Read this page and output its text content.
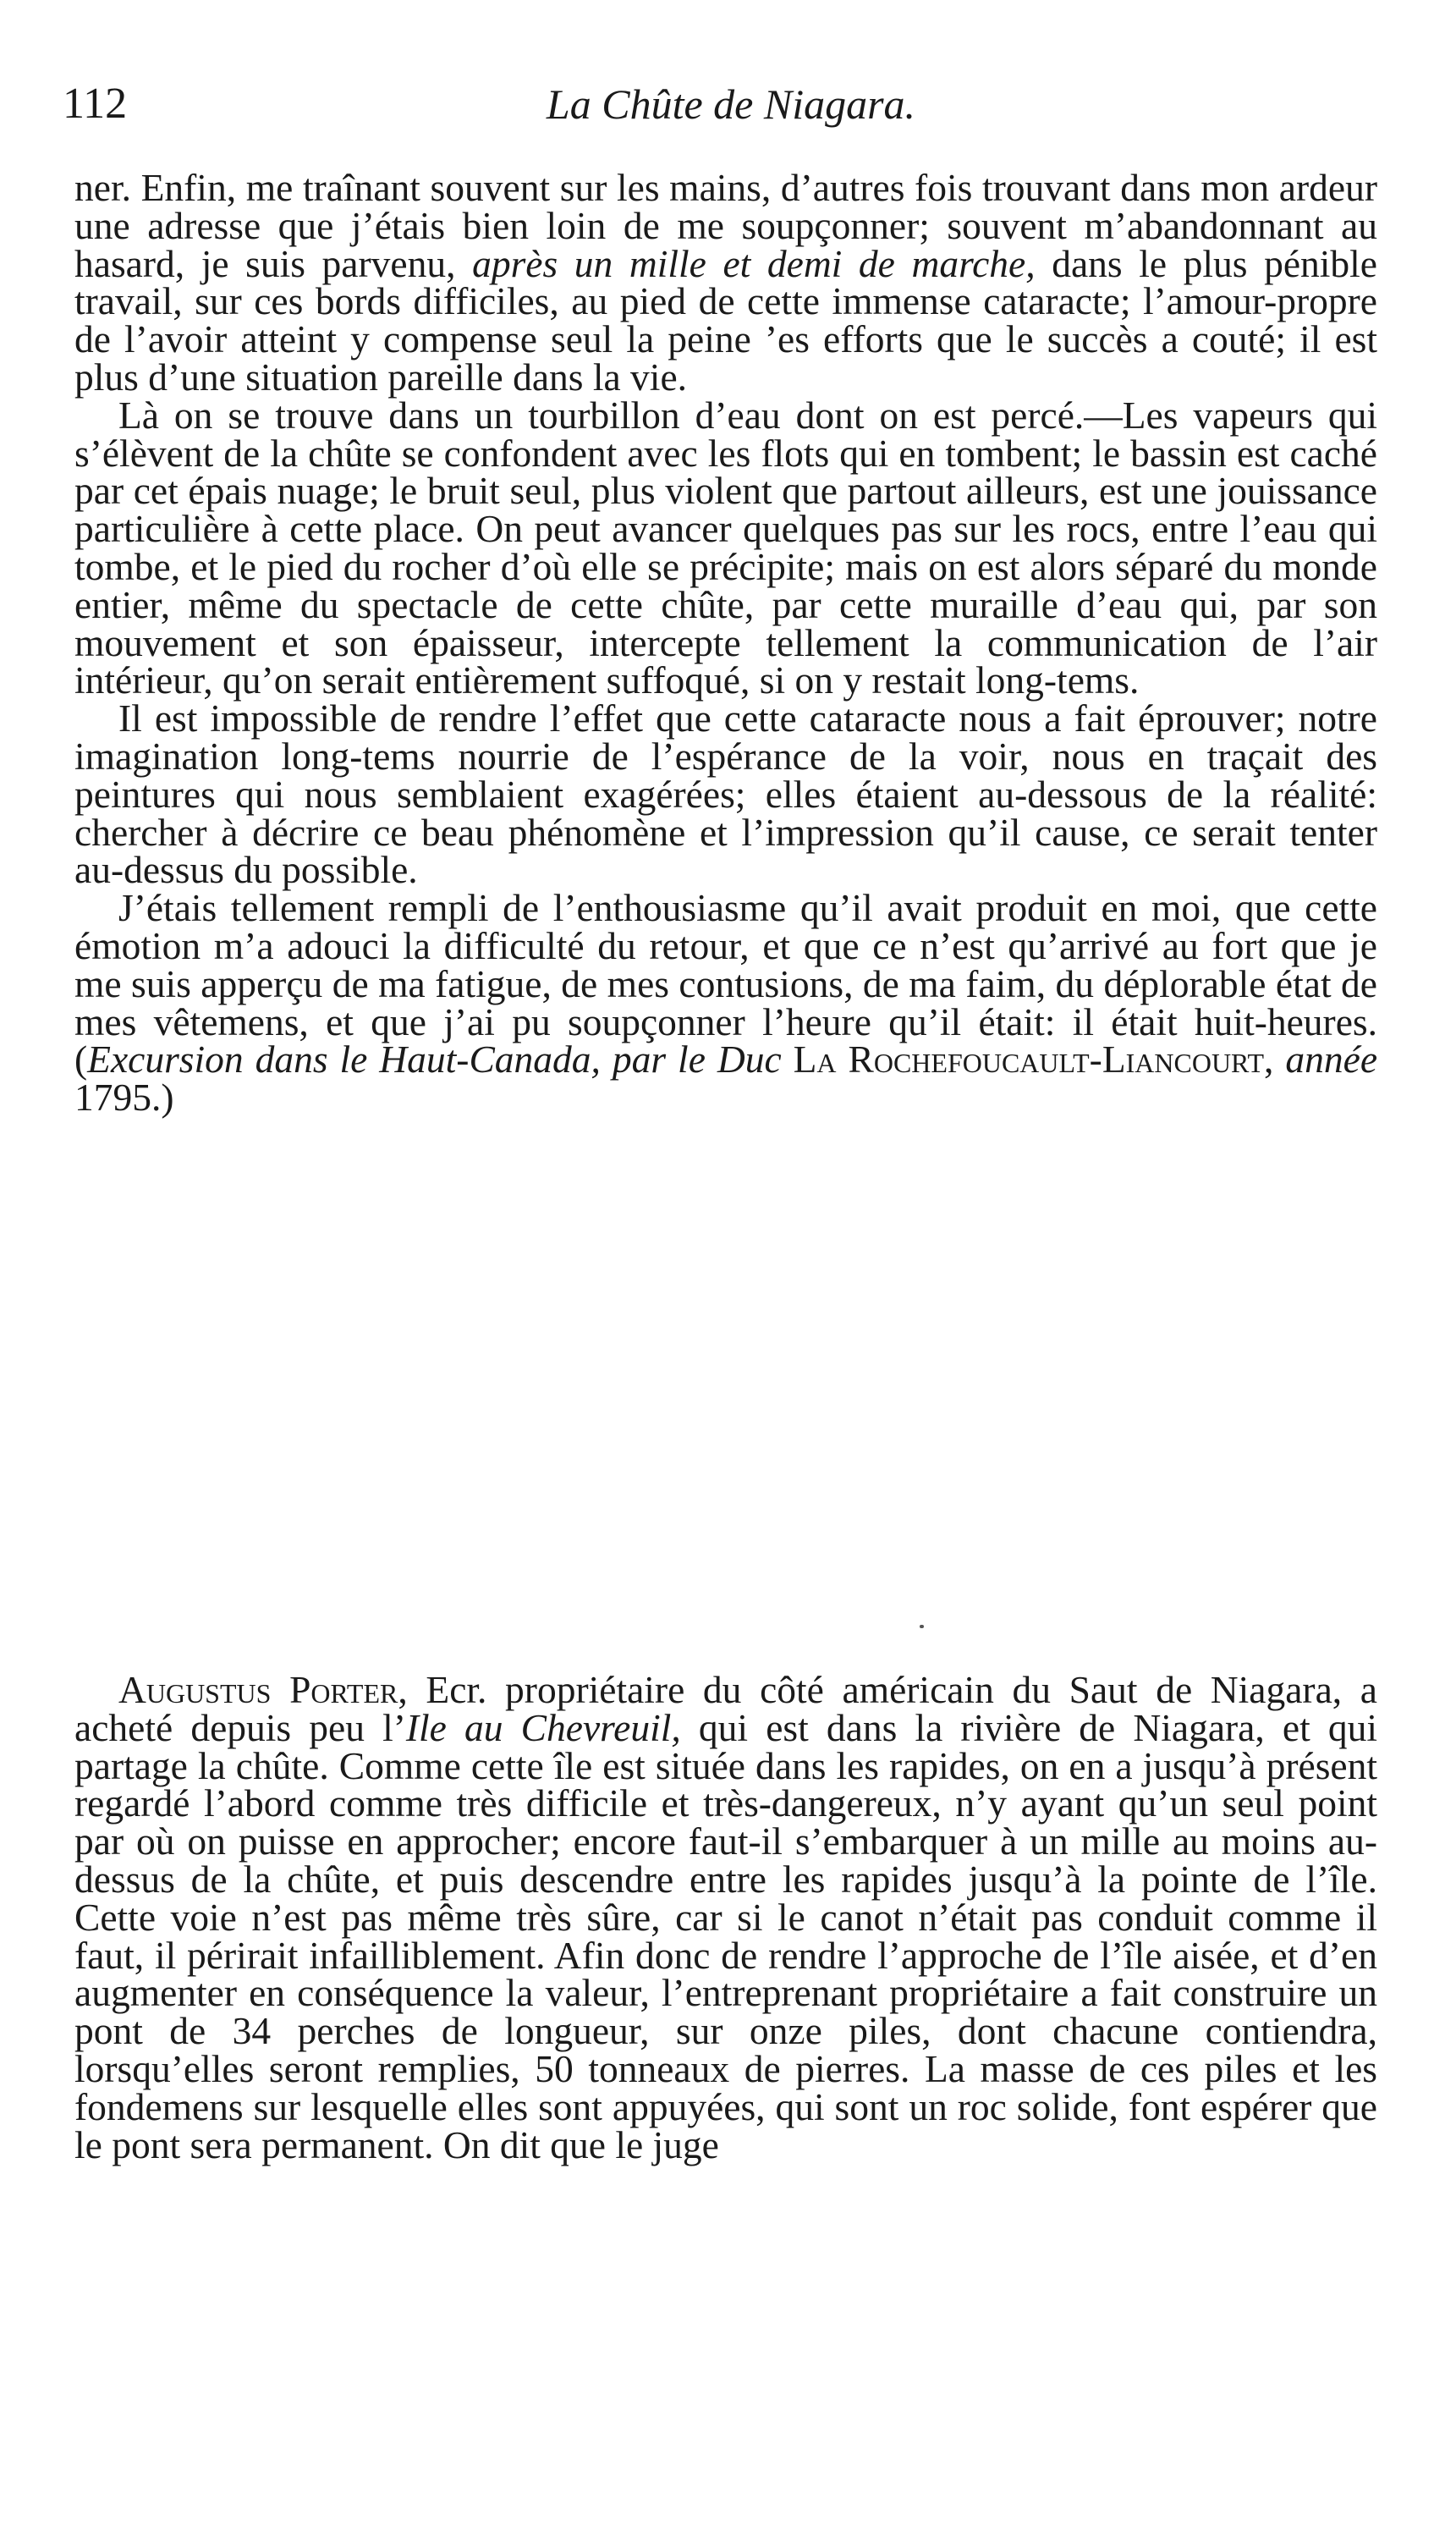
112	La Chûte de Niagara.

ner. Enfin, me traînant souvent sur les mains, d’autres fois trouvant dans mon ardeur une adresse que j’étais bien loin de me soupçonner; souvent m’abandonnant au hasard, je suis parvenu, après un mille et demi de marche, dans le plus pénible travail, sur ces bords difficiles, au pied de cette immense cataracte; l’amour-propre de l’avoir atteint y compense seul la peine ’es efforts que le succès a couté; il est plus d’une situation pareille dans la vie.

Là on se trouve dans un tourbillon d’eau dont on est percé.—Les vapeurs qui s’élèvent de la chûte se confondent avec les flots qui en tombent; le bassin est caché par cet épais nuage; le bruit seul, plus violent que partout ailleurs, est une jouissance particulière à cette place. On peut avancer quelques pas sur les rocs, entre l’eau qui tombe, et le pied du rocher d’où elle se précipite; mais on est alors séparé du monde entier, même du spectacle de cette chûte, par cette muraille d’eau qui, par son mouvement et son épaisseur, intercepte tellement la communication de l’air intérieur, qu’on serait entièrement suffoqué, si on y restait long-tems.

Il est impossible de rendre l’effet que cette cataracte nous a fait éprouver; notre imagination long-tems nourrie de l’espérance de la voir, nous en traçait des peintures qui nous semblaient exagérées; elles étaient au-dessous de la réalité: chercher à décrire ce beau phénomène et l’impression qu’il cause, ce serait tenter au-dessus du possible.

J’étais tellement rempli de l’enthousiasme qu’il avait produit en moi, que cette émotion m’a adouci la difficulté du retour, et que ce n’est qu’arrivé au fort que je me suis apperçu de ma fatigue, de mes contusions, de ma faim, du déplorable état de mes vêtemens, et que j’ai pu soupçonner l’heure qu’il était: il était huit-heures. (Excursion dans le Haut-Canada, par le Duc La Rochefoucault-Liancourt, année 1795.)

Augustus Porter, Ecr. propriétaire du côté américain du Saut de Niagara, a acheté depuis peu l’Ile au Chevreuil, qui est dans la rivière de Niagara, et qui partage la chûte. Comme cette île est située dans les rapides, on en a jusqu’à présent regardé l’abord comme très difficile et très-dangereux, n’y ayant qu’un seul point par où on puisse en approcher; encore faut-il s’embarquer à un mille au moins au-dessus de la chûte, et puis descendre entre les rapides jusqu’à la pointe de l’île. Cette voie n’est pas même très sûre, car si le canot n’était pas conduit comme il faut, il périrait infailliblement. Afin donc de rendre l’approche de l’île aisée, et d’en augmenter en conséquence la valeur, l’entreprenant propriétaire a fait construire un pont de 34 perches de longueur, sur onze piles, dont chacune contiendra, lorsqu’elles seront remplies, 50 tonneaux de pierres. La masse de ces piles et les fondemens sur lesquelle elles sont appuyées, qui sont un roc solide, font espérer que le pont sera permanent. On dit que le juge
